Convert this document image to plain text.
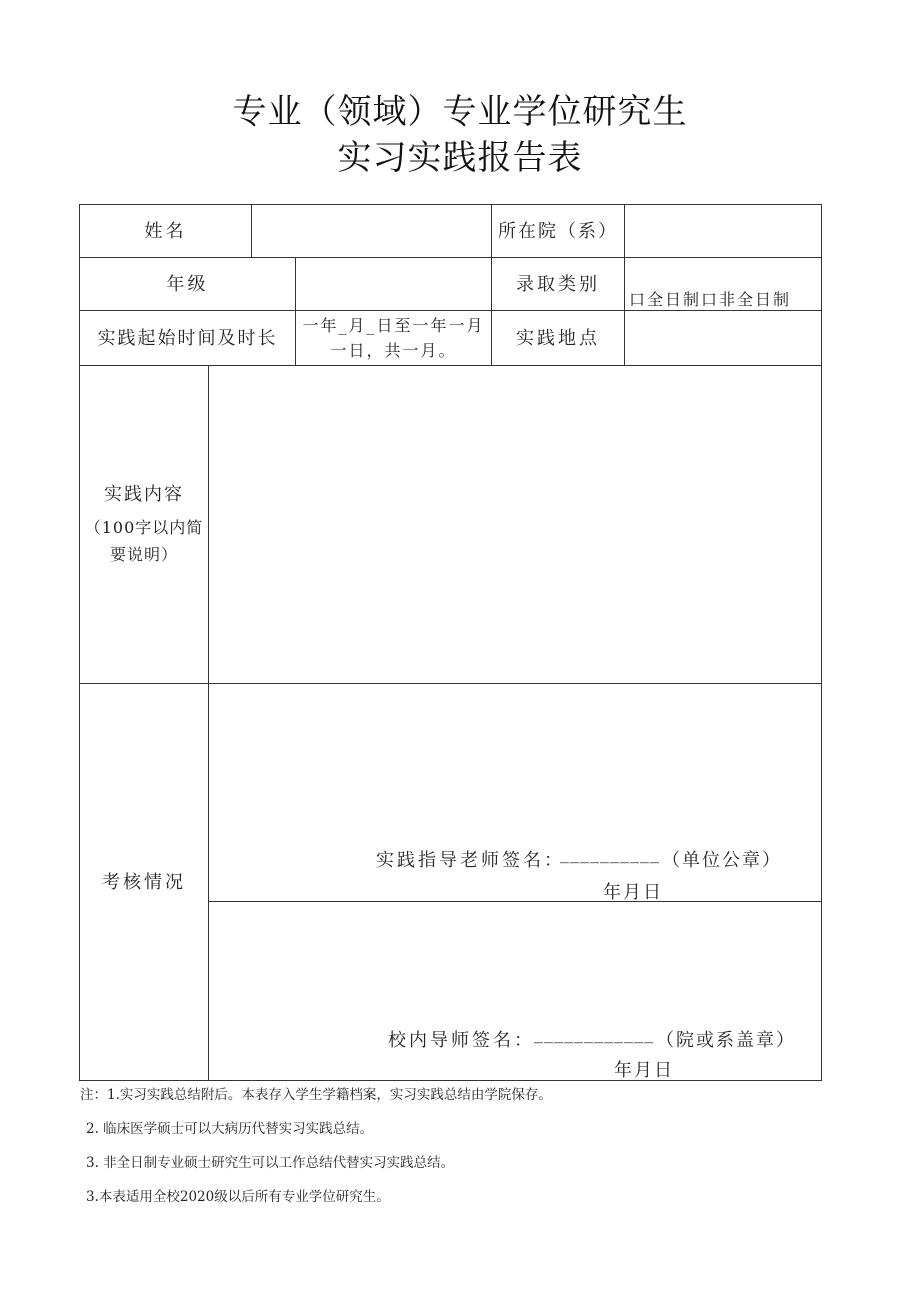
专业（领域）专业学位研究生
实习实践报告表
姓名	所在院（系）
年级	录取类别
口全日制口非全日制
实践起始时间及时长
一年_月_日至一年一月
一日，共一月。
实践地点
实践内容
（100字以内简
要说明）
考核情况
实践指导老师签名：
__________ （单位公章）
年月日
校内导师签名： ____________ （院或系盖章）
年月日
注：1.实习实践总结附后。本表存入学生学籍档案，实习实践总结由学院保存。
2. 临床医学硕士可以大病历代替实习实践总结。
3. 非全日制专业硕士研究生可以工作总结代替实习实践总结。
3.本表适用全校2020级以后所有专业学位研究生。
